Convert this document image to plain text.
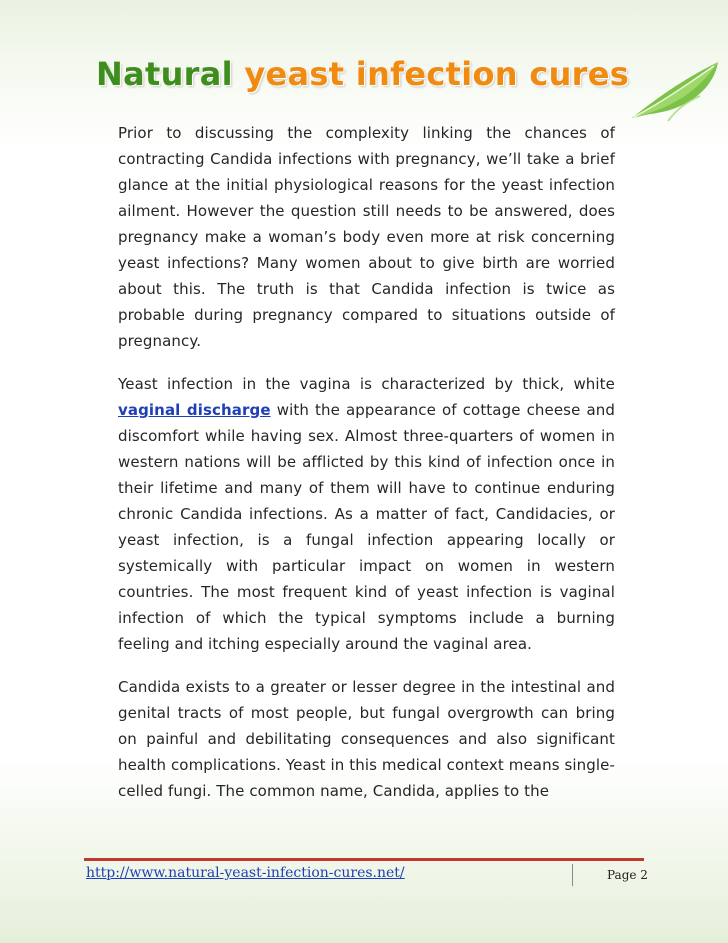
Natural yeast infection cures

Prior to discussing the complexity linking the chances of contracting Candida infections with pregnancy, we’ll take a brief glance at the initial physiological reasons for the yeast infection ailment. However the question still needs to be answered, does pregnancy make a woman’s body even more at risk concerning yeast infections? Many women about to give birth are worried about this. The truth is that Candida infection is twice as probable during pregnancy compared to situations outside of pregnancy.

Yeast infection in the vagina is characterized by thick, white vaginal discharge with the appearance of cottage cheese and discomfort while having sex. Almost three-quarters of women in western nations will be afflicted by this kind of infection once in their lifetime and many of them will have to continue enduring chronic Candida infections. As a matter of fact, Candidacies, or yeast infection, is a fungal infection appearing locally or systemically with particular impact on women in western countries. The most frequent kind of yeast infection is vaginal infection of which the typical symptoms include a burning feeling and itching especially around the vaginal area.

Candida exists to a greater or lesser degree in the intestinal and genital tracts of most people, but fungal overgrowth can bring on painful and debilitating consequences and also significant health complications. Yeast in this medical context means single-celled fungi. The common name, Candida, applies to the

http://www.natural-yeast-infection-cures.net/	Page 2
